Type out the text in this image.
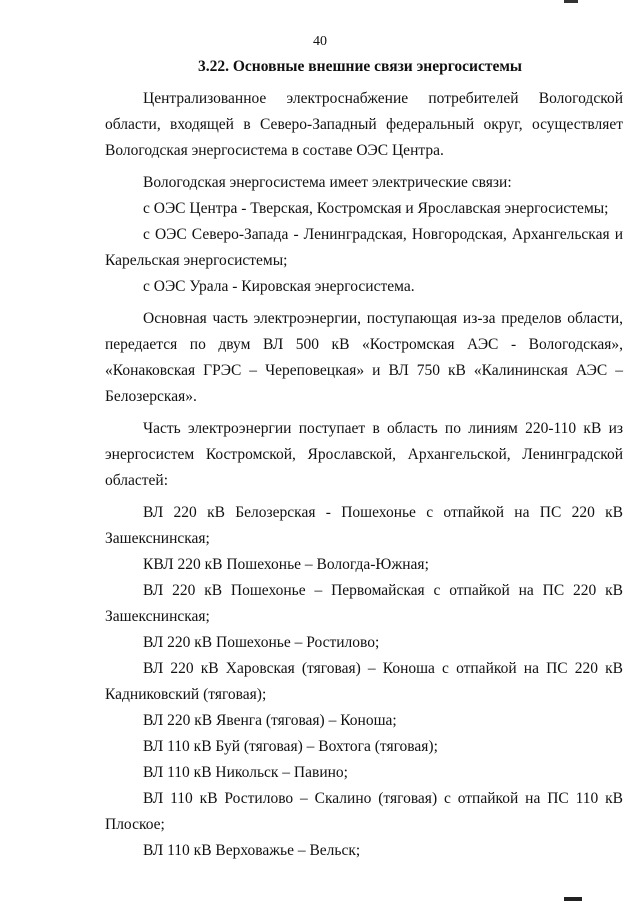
40
3.22. Основные внешние связи энергосистемы

Централизованное электроснабжение потребителей Вологодской области, входящей в Северо-Западный федеральный округ, осуществляет Вологодская энергосистема в составе ОЭС Центра.

Вологодская энергосистема имеет электрические связи:

с ОЭС Центра - Тверская, Костромская и Ярославская энергосистемы;

с ОЭС Северо-Запада - Ленинградская, Новгородская, Архангельская и Карельская энергосистемы;

с ОЭС Урала - Кировская энергосистема.

Основная часть электроэнергии, поступающая из-за пределов области, передается по двум ВЛ 500 кВ «Костромская АЭС - Вологодская», «Конаковская ГРЭС – Череповецкая» и ВЛ 750 кВ «Калининская АЭС – Белозерская».

Часть электроэнергии поступает в область по линиям 220-110 кВ из энергосистем Костромской, Ярославской, Архангельской, Ленинградской областей:

ВЛ 220 кВ Белозерская - Пошехонье с отпайкой на ПС 220 кВ Зашекснинская;

КВЛ 220 кВ Пошехонье – Вологда-Южная;

ВЛ 220 кВ Пошехонье – Первомайская с отпайкой на ПС 220 кВ Зашекснинская;

ВЛ 220 кВ Пошехонье – Ростилово;

ВЛ 220 кВ Харовская (тяговая) – Коноша с отпайкой на ПС 220 кВ Кадниковский (тяговая);

ВЛ 220 кВ Явенга (тяговая) – Коноша;

ВЛ 110 кВ Буй (тяговая) – Вохтога (тяговая);

ВЛ 110 кВ Никольск – Павино;

ВЛ 110 кВ Ростилово – Скалино (тяговая) с отпайкой на ПС 110 кВ Плоское;

ВЛ 110 кВ Верховажье – Вельск;
